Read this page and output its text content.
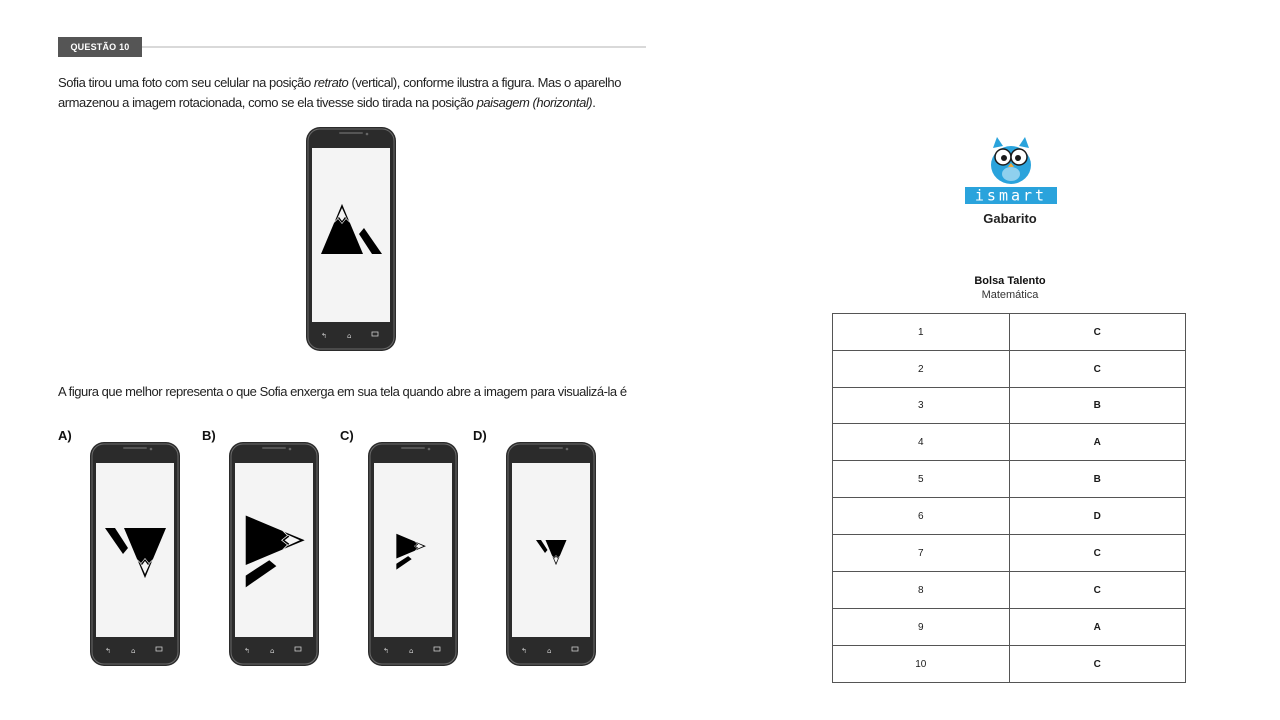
QUESTÃO 10

Sofia tirou uma foto com seu celular na posição retrato (vertical), conforme ilustra a figura. Mas o aparelho armazenou a imagem rotacionada, como se ela tivesse sido tirada na posição paisagem (horizontal).

A figura que melhor representa o que Sofia enxerga em sua tela quando abre a imagem para visualizá-la é

A)	B)	C)	D)
ismart

Gabarito

Bolsa Talento
Matemática
1	C
2	C
3	B
4	A
5	B
6	D
7	C
8	C
9	A
10	C
